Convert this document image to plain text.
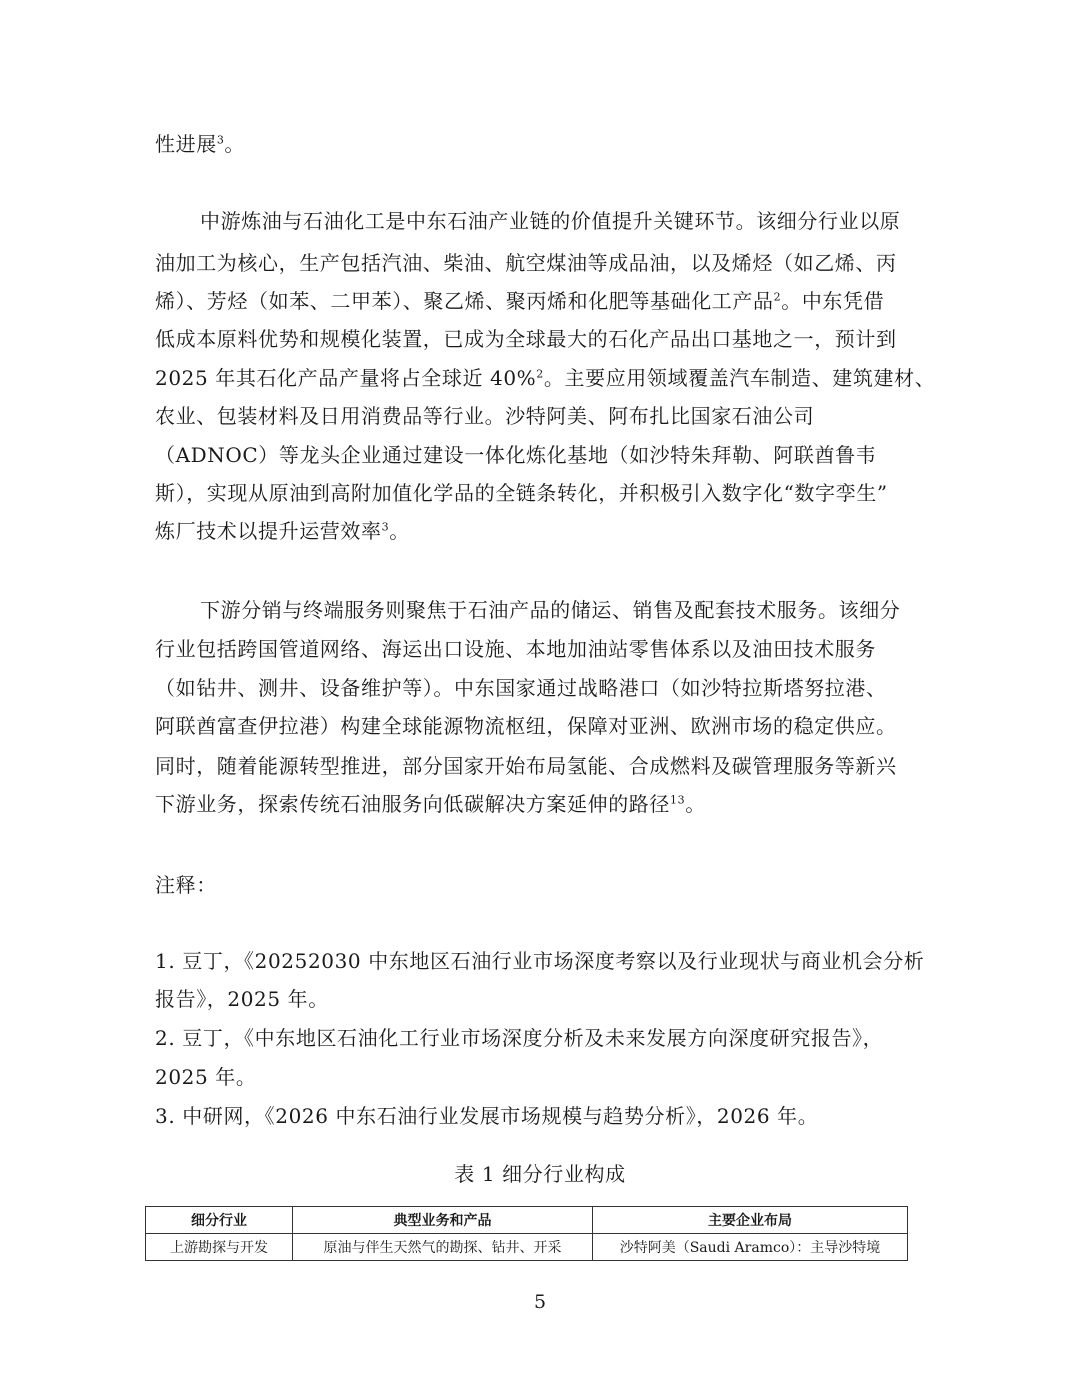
性进展$^3$。
中游炼油与石油化工是中东石油产业链的价值提升关键环节。该细分行业以原
油加工为核心，生产包括汽油、柴油、航空煤油等成品油，以及烯烃（如乙烯、丙
烯）、芳烃（如苯、二甲苯）、聚乙烯、聚丙烯和化肥等基础化工产品$^2$。中东凭借
低成本原料优势和规模化装置，已成为全球最大的石化产品出口基地之一，预计到
2025 年其石化产品产量将占全球近 40%$^2$。主要应用领域覆盖汽车制造、建筑建材、
农业、包装材料及日用消费品等行业。沙特阿美、阿布扎比国家石油公司
（ADNOC）等龙头企业通过建设一体化炼化基地（如沙特朱拜勒、阿联酋鲁韦
斯），实现从原油到高附加值化学品的全链条转化，并积极引入数字化“数字孪生”
炼厂技术以提升运营效率$^3$。
下游分销与终端服务则聚焦于石油产品的储运、销售及配套技术服务。该细分
行业包括跨国管道网络、海运出口设施、本地加油站零售体系以及油田技术服务
（如钻井、测井、设备维护等）。中东国家通过战略港口（如沙特拉斯塔努拉港、
阿联酋富查伊拉港）构建全球能源物流枢纽，保障对亚洲、欧洲市场的稳定供应。
同时，随着能源转型推进，部分国家开始布局氢能、合成燃料及碳管理服务等新兴
下游业务，探索传统石油服务向低碳解决方案延伸的路径$^{13}$。
注释：
1. 豆丁，《20252030 中东地区石油行业市场深度考察以及行业现状与商业机会分析
报告》，2025 年。
2. 豆丁，《中东地区石油化工行业市场深度分析及未来发展方向深度研究报告》，
2025 年。
3. 中研网，《2026 中东石油行业发展市场规模与趋势分析》，2026 年。
表 1 细分行业构成
细分行业	典型业务和产品	主要企业布局
上游勘探与开发	原油与伴生天然气的勘探、钻井、开采	沙特阿美（Saudi Aramco）：主导沙特境
5
